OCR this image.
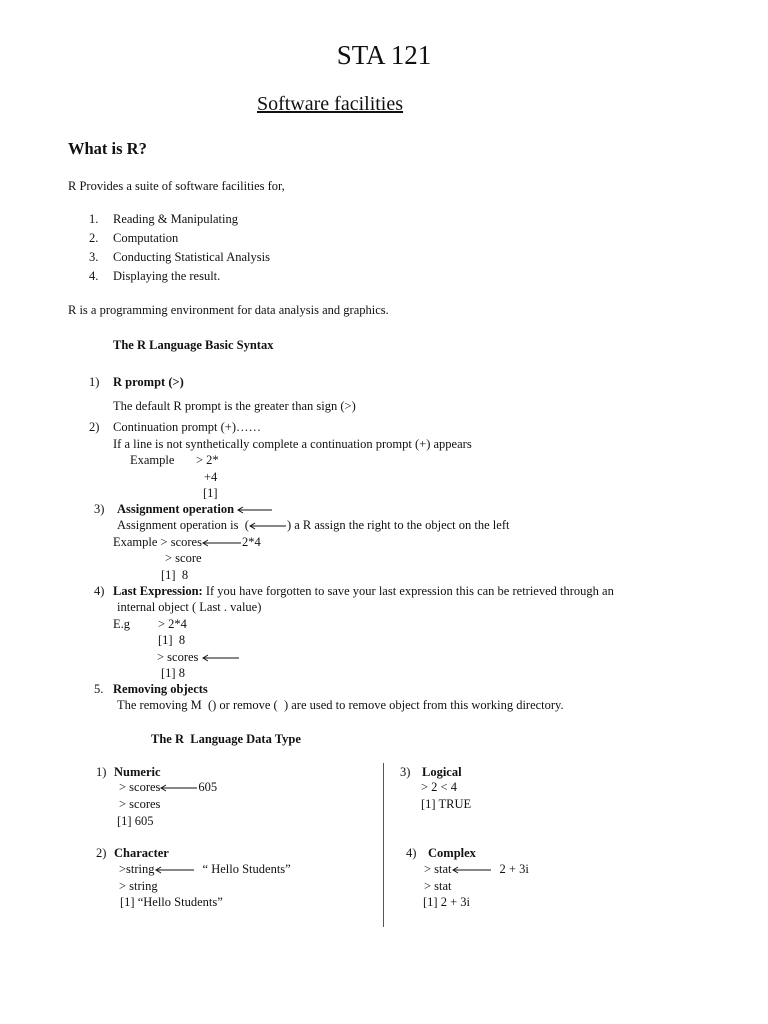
STA 121
Software facilities
What is R?
R Provides a suite of software facilities for,
1. Reading & Manipulating
2. Computation
3. Conducting Statistical Analysis
4. Displaying the result.
R is a programming environment for data analysis and graphics.
The R Language Basic Syntax
1) R prompt (>)
The default R prompt is the greater than sign (>)
2) Continuation prompt (+)……
If a line is not synthetically complete a continuation prompt (+) appears
Example > 2*
+4
[1]
3) Assignment operation
Assignment operation is  (	) a R assign the right to the object on the left
Example > scores	2*4
> score
[1]  8
4) Last Expression: If you have forgotten to save your last expression this can be retrieved through an
internal object ( Last . value)
E.g > 2*4
[1]  8
> scores
[1] 8
5. Removing objects
The removing M  () or remove (  ) are used to remove object from this working directory.
The R  Language Data Type
1) Numeric
> scores	605
> scores
[1] 605
2) Character
>string	“ Hello Students”
> string
[1] “Hello Students”
3) Logical
> 2 < 4
[1] TRUE
4) Complex
> stat	2 + 3i
> stat
[1] 2 + 3i
